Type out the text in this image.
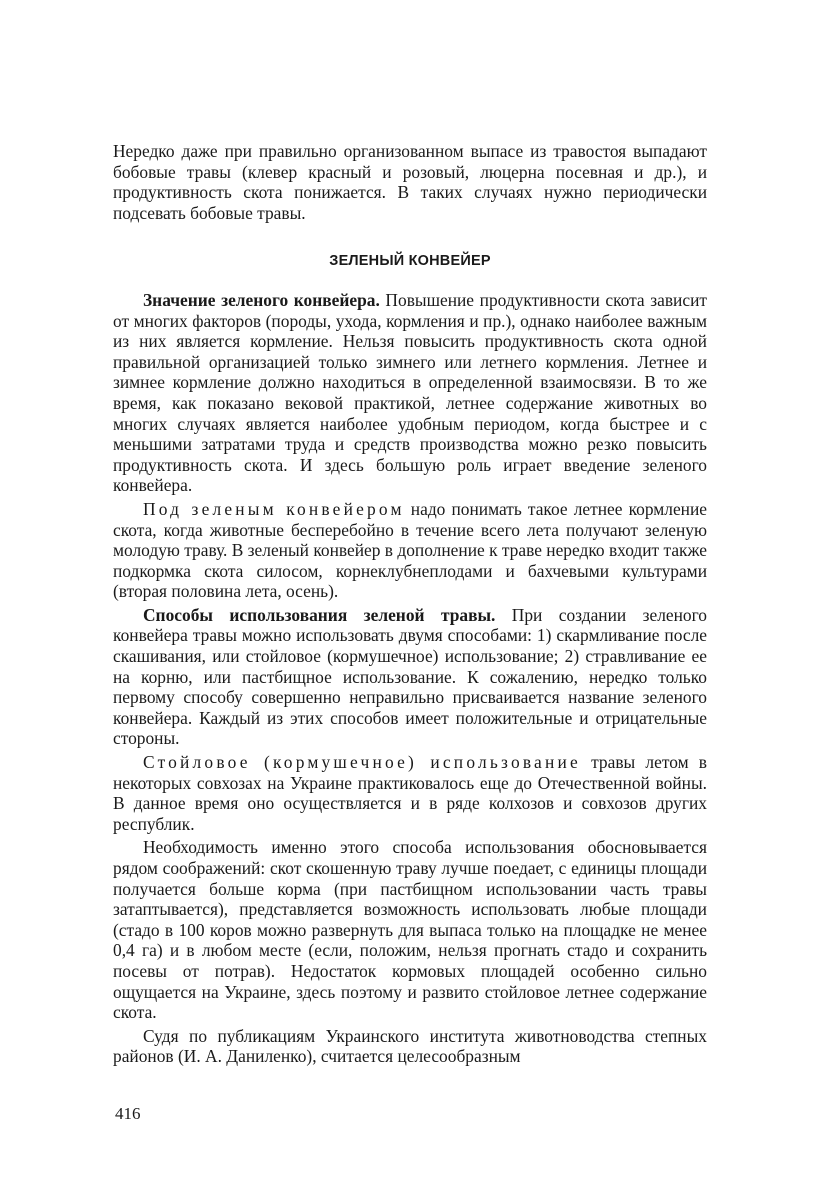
Нередко даже при правильно организованном выпасе из травостоя выпадают бобовые травы (клевер красный и розовый, люцерна посевная и др.), и продуктивность скота понижается. В таких случаях нужно периодически подсевать бобовые травы.

ЗЕЛЕНЫЙ КОНВЕЙЕР

Значение зеленого конвейера. Повышение продуктивности скота зависит от многих факторов (породы, ухода, кормления и пр.), однако наиболее важным из них является кормление. Нельзя повысить продуктивность скота одной правильной организацией только зимнего или летнего кормления. Летнее и зимнее кормление должно находиться в определенной взаимосвязи. В то же время, как показано вековой практикой, летнее содержание животных во многих случаях является наиболее удобным периодом, когда быстрее и с меньшими затратами труда и средств производства можно резко повысить продуктивность скота. И здесь большую роль играет введение зеленого конвейера.

Под зеленым конвейером надо понимать такое летнее кормление скота, когда животные бесперебойно в течение всего лета получают зеленую молодую траву. В зеленый конвейер в дополнение к траве нередко входит также подкормка скота силосом, корнеклубнеплодами и бахчевыми культурами (вторая половина лета, осень).

Способы использования зеленой травы. При создании зеленого конвейера травы можно использовать двумя способами: 1) скармливание после скашивания, или стойловое (кормушечное) использование; 2) стравливание ее на корню, или пастбищное использование. К сожалению, нередко только первому способу совершенно неправильно присваивается название зеленого конвейера. Каждый из этих способов имеет положительные и отрицательные стороны.

Стойловое (кормушечное) использование травы летом в некоторых совхозах на Украине практиковалось еще до Отечественной войны. В данное время оно осуществляется и в ряде колхозов и совхозов других республик.

Необходимость именно этого способа использования обосновывается рядом соображений: скот скошенную траву лучше поедает, с единицы площади получается больше корма (при пастбищном использовании часть травы затаптывается), представляется возможность использовать любые площади (стадо в 100 коров можно развернуть для выпаса только на площадке не менее 0,4 га) и в любом месте (если, положим, нельзя прогнать стадо и сохранить посевы от потрав). Недостаток кормовых площадей особенно сильно ощущается на Украине, здесь поэтому и развито стойловое летнее содержание скота.

Судя по публикациям Украинского института животноводства степных районов (И. А. Даниленко), считается целесообразным

416
